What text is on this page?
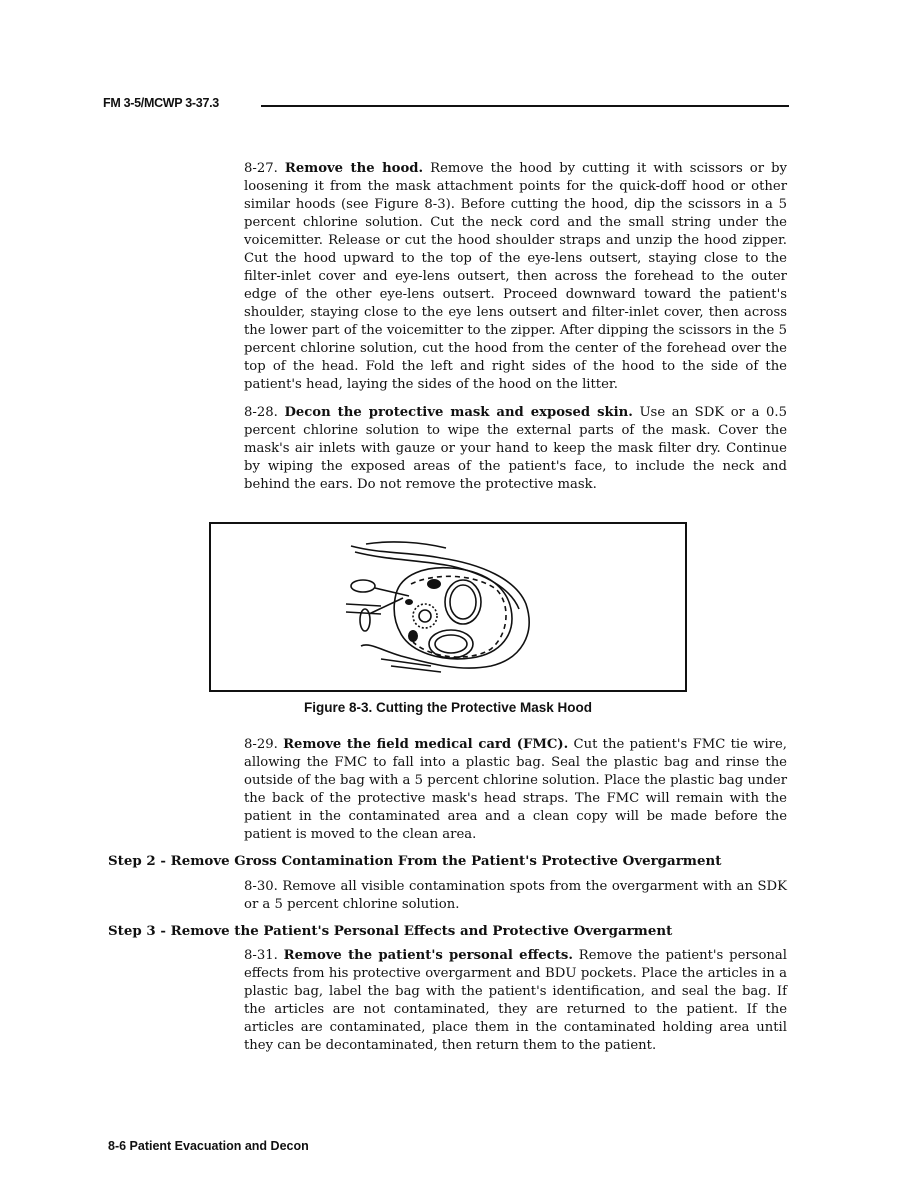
FM 3-5/MCWP 3-37.3
8-27. Remove the hood. Remove the hood by cutting it with scissors or by loosening it from the mask attachment points for the quick-doff hood or other similar hoods (see Figure 8-3). Before cutting the hood, dip the scissors in a 5 percent chlorine solution. Cut the neck cord and the small string under the voicemitter. Release or cut the hood shoulder straps and unzip the hood zipper. Cut the hood upward to the top of the eye-lens outsert, staying close to the filter-inlet cover and eye-lens outsert, then across the forehead to the outer edge of the other eye-lens outsert. Proceed downward toward the patient's shoulder, staying close to the eye lens outsert and filter-inlet cover, then across the lower part of the voicemitter to the zipper. After dipping the scissors in the 5 percent chlorine solution, cut the hood from the center of the forehead over the top of the head. Fold the left and right sides of the hood to the side of the patient's head, laying the sides of the hood on the litter.
8-28. Decon the protective mask and exposed skin. Use an SDK or a 0.5 percent chlorine solution to wipe the external parts of the mask. Cover the mask's air inlets with gauze or your hand to keep the mask filter dry. Continue by wiping the exposed areas of the patient's face, to include the neck and behind the ears. Do not remove the protective mask.
Figure 8-3. Cutting the Protective Mask Hood
8-29. Remove the field medical card (FMC). Cut the patient's FMC tie wire, allowing the FMC to fall into a plastic bag. Seal the plastic bag and rinse the outside of the bag with a 5 percent chlorine solution. Place the plastic bag under the back of the protective mask's head straps. The FMC will remain with the patient in the contaminated area and a clean copy will be made before the patient is moved to the clean area.
Step 2 - Remove Gross Contamination From the Patient's Protective Overgarment
8-30. Remove all visible contamination spots from the overgarment with an SDK or a 5 percent chlorine solution.
Step 3 - Remove the Patient's Personal Effects and Protective Overgarment
8-31. Remove the patient's personal effects. Remove the patient's personal effects from his protective overgarment and BDU pockets. Place the articles in a plastic bag, label the bag with the patient's identification, and seal the bag. If the articles are not contaminated, they are returned to the patient. If the articles are contaminated, place them in the contaminated holding area until they can be decontaminated, then return them to the patient.
8-6 Patient Evacuation and Decon
